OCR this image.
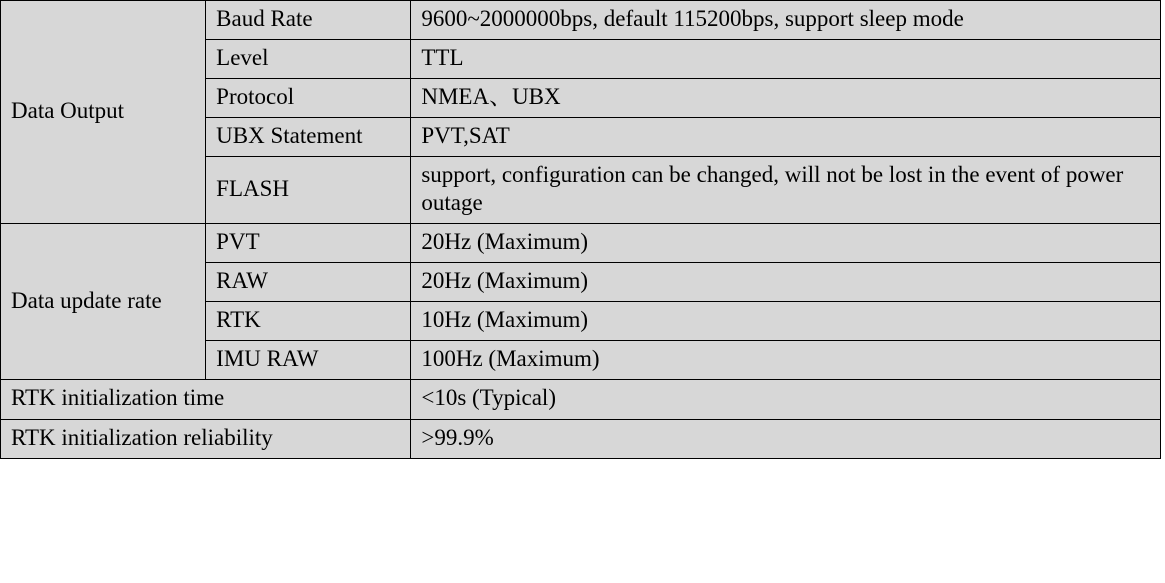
Data Output	Baud Rate	9600~2000000bps, default 115200bps, support sleep mode
	Level	TTL
	Protocol	NMEA、UBX
	UBX Statement	PVT,SAT
	FLASH	support, configuration can be changed, will not be lost in the event of power outage
Data update rate	PVT	20Hz (Maximum)
	RAW	20Hz (Maximum)
	RTK	10Hz (Maximum)
	IMU RAW	100Hz (Maximum)
RTK initialization time		<10s (Typical)
RTK initialization reliability		>99.9%
